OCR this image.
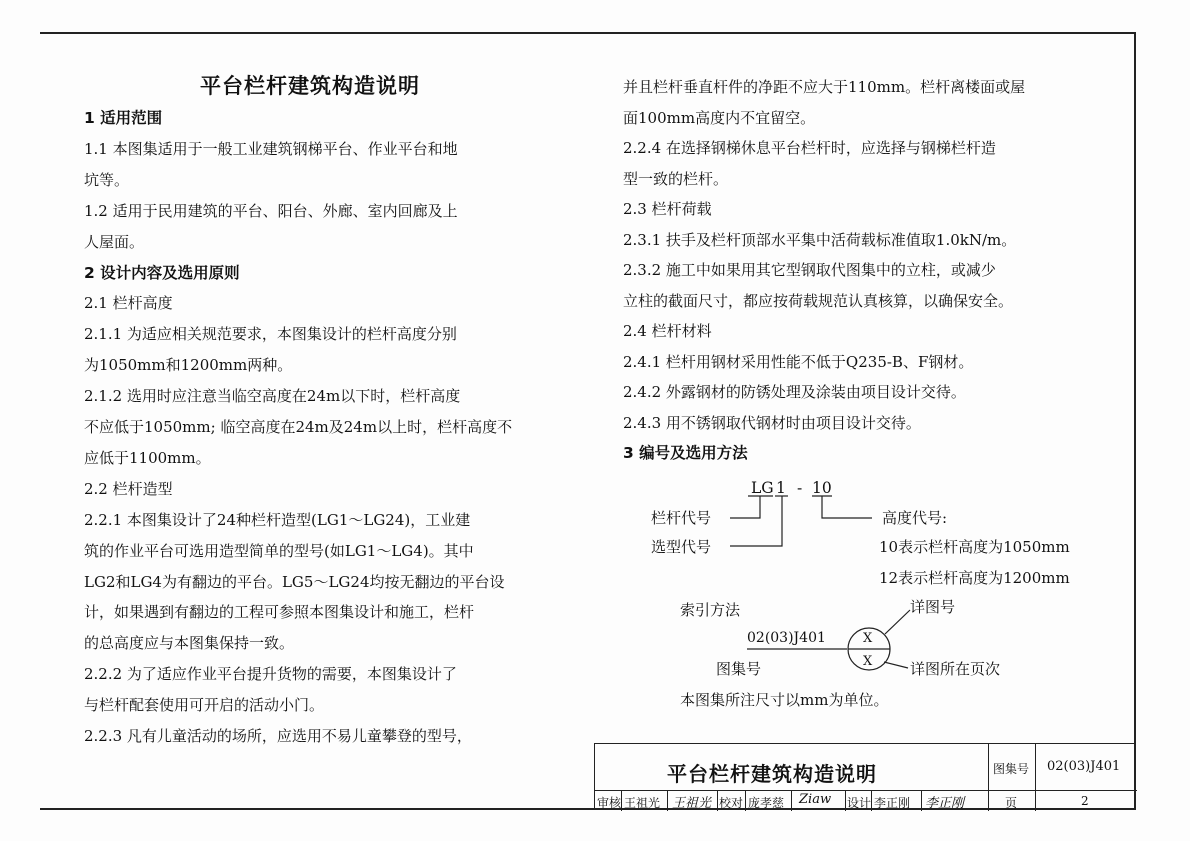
平台栏杆建筑构造说明
1 适用范围
1.1 本图集适用于一般工业建筑钢梯平台、作业平台和地
坑等。
1.2 适用于民用建筑的平台、阳台、外廊、室内回廊及上
人屋面。
2 设计内容及选用原则
2.1 栏杆高度
2.1.1 为适应相关规范要求，本图集设计的栏杆高度分别
为1050mm和1200mm两种。
2.1.2 选用时应注意当临空高度在24m以下时，栏杆高度
不应低于1050mm; 临空高度在24m及24m以上时，栏杆高度不
应低于1100mm。
2.2 栏杆造型
2.2.1 本图集设计了24种栏杆造型(LG1～LG24)，工业建
筑的作业平台可选用造型简单的型号(如LG1～LG4)。其中
LG2和LG4为有翻边的平台。LG5～LG24均按无翻边的平台设
计，如果遇到有翻边的工程可参照本图集设计和施工，栏杆
的总高度应与本图集保持一致。
2.2.2 为了适应作业平台提升货物的需要，本图集设计了
与栏杆配套使用可开启的活动小门。
2.2.3 凡有儿童活动的场所，应选用不易儿童攀登的型号，
并且栏杆垂直杆件的净距不应大于110mm。栏杆离楼面或屋
面100mm高度内不宜留空。
2.2.4 在选择钢梯休息平台栏杆时，应选择与钢梯栏杆造
型一致的栏杆。
2.3 栏杆荷载
2.3.1 扶手及栏杆顶部水平集中活荷载标准值取1.0kN/m。
2.3.2 施工中如果用其它型钢取代图集中的立柱，或减少
立柱的截面尺寸，都应按荷载规范认真核算，以确保安全。
2.4 栏杆材料
2.4.1 栏杆用钢材采用性能不低于Q235-B、F钢材。
2.4.2 外露钢材的防锈处理及涂装由项目设计交待。
2.4.3 用不锈钢取代钢材时由项目设计交待。
3 编号及选用方法
LG 1 - 10
栏杆代号
选型代号
高度代号:
10表示栏杆高度为1050mm
12表示栏杆高度为1200mm
索引方法	详图号
02(03)J401
图集号	详图所在页次
X
X
本图集所注尺寸以mm为单位。
平台栏杆建筑构造说明	图集号 02(03)J401
页	2
审核 王祖光 王祖光 校对 庞孝慈 Ziaw 设计 李正刚 李正刚
